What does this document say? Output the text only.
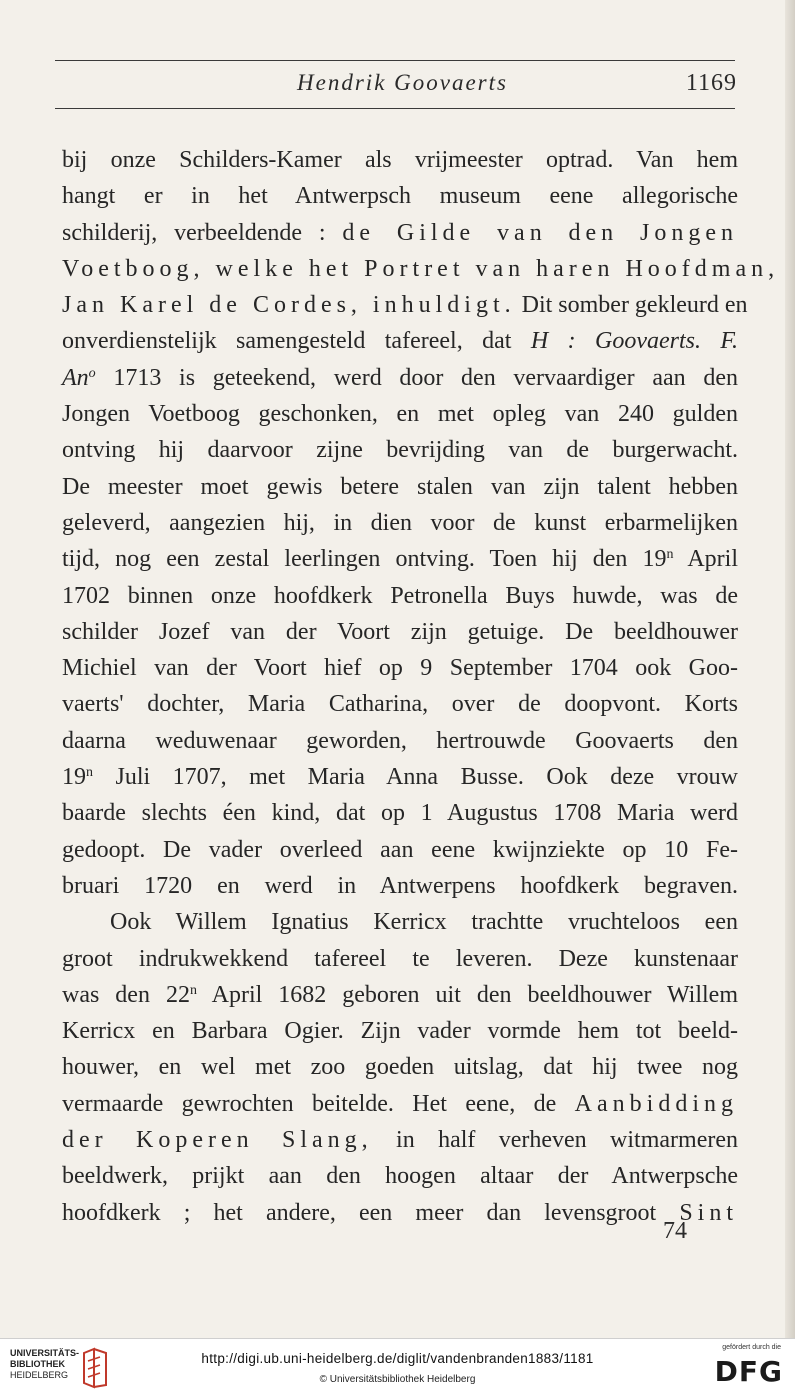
Hendrik Goovaerts	1169

bij onze Schilders-Kamer als vrijmeester optrad. Van hem
hangt er in het Antwerpsch museum eene allegorische
schilderij, verbeeldende : de Gilde van den Jongen
Voetboog, welke het Portret van haren Hoofdman,
Jan Karel de Cordes, inhuldigt. Dit somber gekleurd en
onverdienstelijk samengesteld tafereel, dat H : Goovaerts. F.
An$^o$ 1713 is geteekend, werd door den vervaardiger aan den
Jongen Voetboog geschonken, en met opleg van 240 gulden
ontving hij daarvoor zijne bevrijding van de burgerwacht.
De meester moet gewis betere stalen van zijn talent hebben
geleverd, aangezien hij, in dien voor de kunst erbarmelijken
tijd, nog een zestal leerlingen ontving. Toen hij den 19$^n$ April
1702 binnen onze hoofdkerk Petronella Buys huwde, was de
schilder Jozef van der Voort zijn getuige. De beeldhouwer
Michiel van der Voort hief op 9 September 1704 ook Goo-
vaerts' dochter, Maria Catharina, over de doopvont. Korts
daarna weduwenaar geworden, hertrouwde Goovaerts den
19$^n$ Juli 1707, met Maria Anna Busse. Ook deze vrouw
baarde slechts éen kind, dat op 1 Augustus 1708 Maria werd
gedoopt. De vader overleed aan eene kwijnziekte op 10 Fe-
bruari 1720 en werd in Antwerpens hoofdkerk begraven.

Ook Willem Ignatius Kerricx trachtte vruchteloos een
groot indrukwekkend tafereel te leveren. Deze kunstenaar
was den 22$^n$ April 1682 geboren uit den beeldhouwer Willem
Kerricx en Barbara Ogier. Zijn vader vormde hem tot beeld-
houwer, en wel met zoo goeden uitslag, dat hij twee nog
vermaarde gewrochten beitelde. Het eene, de Aanbidding
der Koperen Slang, in half verheven witmarmeren
beeldwerk, prijkt aan den hoogen altaar der Antwerpsche
hoofdkerk ; het andere, een meer dan levensgroot Sint

74
UNIVERSITÄTS-
BIBLIOTHEK
HEIDELBERG
http://digi.ub.uni-heidelberg.de/diglit/vandenbranden1883/1181
© Universitätsbibliothek Heidelberg
gefördert durch die
DFG
